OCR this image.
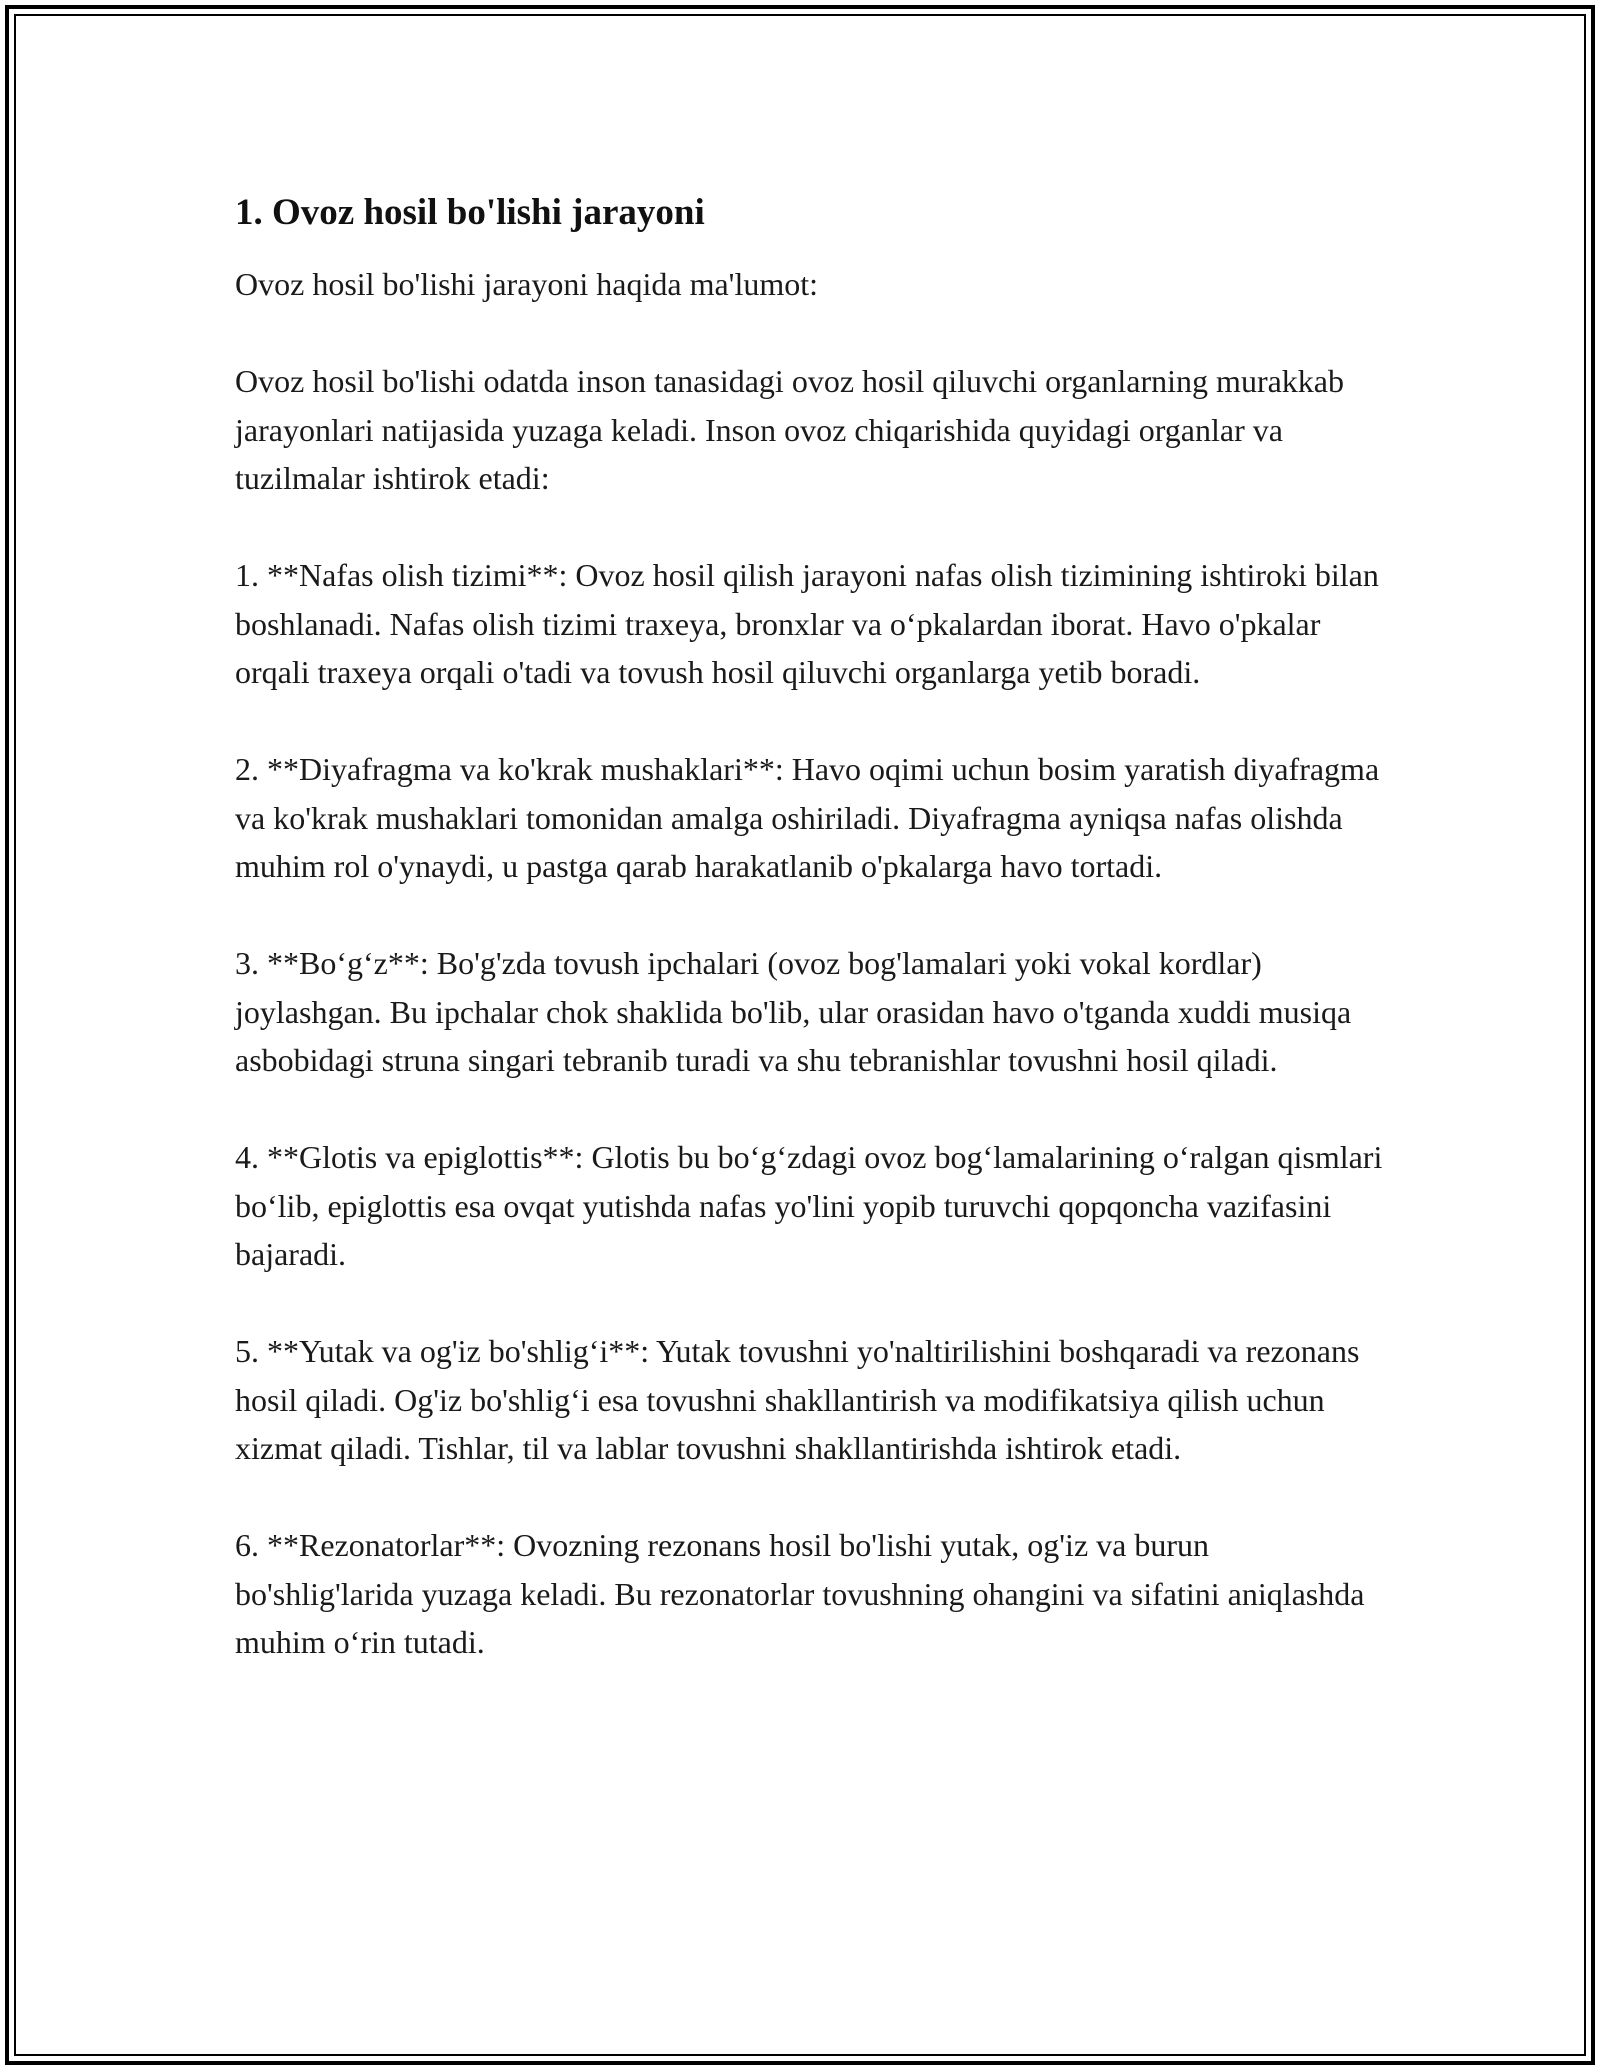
1. Ovoz hosil bo'lishi jarayoni

Ovoz hosil bo'lishi jarayoni haqida ma'lumot:

Ovoz hosil bo'lishi odatda inson tanasidagi ovoz hosil qiluvchi organlarning murakkab jarayonlari natijasida yuzaga keladi. Inson ovoz chiqarishida quyidagi organlar va tuzilmalar ishtirok etadi:

1. **Nafas olish tizimi**: Ovoz hosil qilish jarayoni nafas olish tizimining ishtiroki bilan boshlanadi. Nafas olish tizimi traxeya, bronxlar va o‘pkalardan iborat. Havo o'pkalar orqali traxeya orqali o'tadi va tovush hosil qiluvchi organlarga yetib boradi.

2. **Diyafragma va ko'krak mushaklari**: Havo oqimi uchun bosim yaratish diyafragma va ko'krak mushaklari tomonidan amalga oshiriladi. Diyafragma ayniqsa nafas olishda muhim rol o'ynaydi, u pastga qarab harakatlanib o'pkalarga havo tortadi.

3. **Bo‘g‘z**: Bo'g'zda tovush ipchalari (ovoz bog'lamalari yoki vokal kordlar) joylashgan. Bu ipchalar chok shaklida bo'lib, ular orasidan havo o'tganda xuddi musiqa asbobidagi struna singari tebranib turadi va shu tebranishlar tovushni hosil qiladi.

4. **Glotis va epiglottis**: Glotis bu bo‘g‘zdagi ovoz bog‘lamalarining o‘ralgan qismlari bo‘lib, epiglottis esa ovqat yutishda nafas yo'lini yopib turuvchi qopqoncha vazifasini bajaradi.

5. **Yutak va og'iz bo'shlig‘i**: Yutak tovushni yo'naltirilishini boshqaradi va rezonans hosil qiladi. Og'iz bo'shlig‘i esa tovushni shakllantirish va modifikatsiya qilish uchun xizmat qiladi. Tishlar, til va lablar tovushni shakllantirishda ishtirok etadi.

6. **Rezonatorlar**: Ovozning rezonans hosil bo'lishi yutak, og'iz va burun bo'shlig'larida yuzaga keladi. Bu rezonatorlar tovushning ohangini va sifatini aniqlashda muhim o‘rin tutadi.
